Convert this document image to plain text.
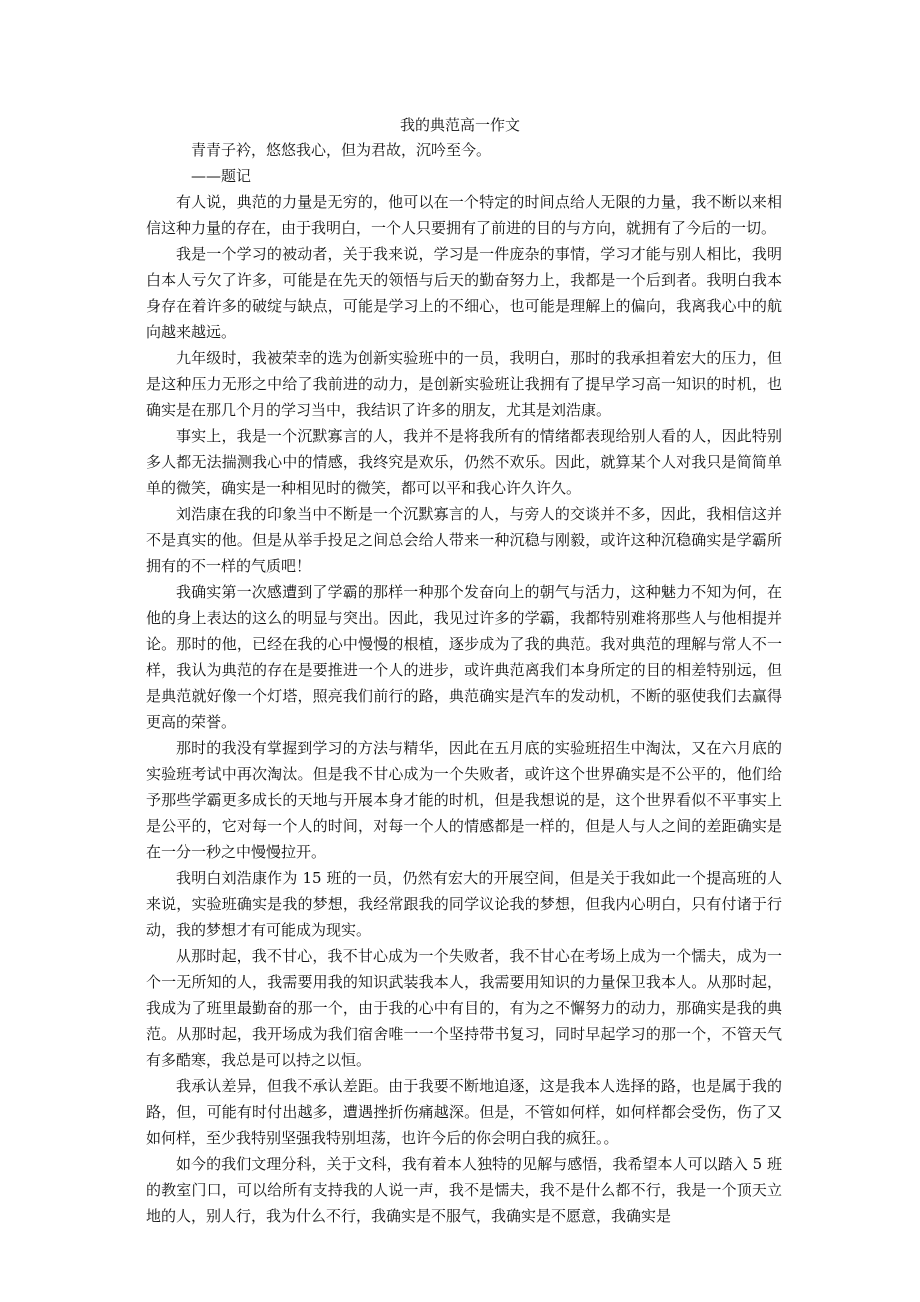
我的典范高一作文

青青子衿，悠悠我心，但为君故，沉吟至今。

——题记

有人说，典范的力量是无穷的，他可以在一个特定的时间点给人无限的力量，我不断以来相信这种力量的存在，由于我明白，一个人只要拥有了前进的目的与方向，就拥有了今后的一切。

我是一个学习的被动者，关于我来说，学习是一件庞杂的事情，学习才能与别人相比，我明白本人亏欠了许多，可能是在先天的领悟与后天的勤奋努力上，我都是一个后到者。我明白我本身存在着许多的破绽与缺点，可能是学习上的不细心，也可能是理解上的偏向，我离我心中的航向越来越远。

九年级时，我被荣幸的选为创新实验班中的一员，我明白，那时的我承担着宏大的压力，但是这种压力无形之中给了我前进的动力，是创新实验班让我拥有了提早学习高一知识的时机，也确实是在那几个月的学习当中，我结识了许多的朋友，尤其是刘浩康。

事实上，我是一个沉默寡言的人，我并不是将我所有的情绪都表现给别人看的人，因此特别多人都无法揣测我心中的情感，我终究是欢乐，仍然不欢乐。因此，就算某个人对我只是简简单单的微笑，确实是一种相见时的微笑，都可以平和我心许久许久。

刘浩康在我的印象当中不断是一个沉默寡言的人，与旁人的交谈并不多，因此，我相信这并不是真实的他。但是从举手投足之间总会给人带来一种沉稳与刚毅，或许这种沉稳确实是学霸所拥有的不一样的气质吧！

我确实第一次感遭到了学霸的那样一种那个发奋向上的朝气与活力，这种魅力不知为何，在他的身上表达的这么的明显与突出。因此，我见过许多的学霸，我都特别难将那些人与他相提并论。那时的他，已经在我的心中慢慢的根植，逐步成为了我的典范。我对典范的理解与常人不一样，我认为典范的存在是要推进一个人的进步，或许典范离我们本身所定的目的相差特别远，但是典范就好像一个灯塔，照亮我们前行的路，典范确实是汽车的发动机，不断的驱使我们去赢得更高的荣誉。

那时的我没有掌握到学习的方法与精华，因此在五月底的实验班招生中淘汰，又在六月底的实验班考试中再次淘汰。但是我不甘心成为一个失败者，或许这个世界确实是不公平的，他们给予那些学霸更多成长的天地与开展本身才能的时机，但是我想说的是，这个世界看似不平事实上是公平的，它对每一个人的时间，对每一个人的情感都是一样的，但是人与人之间的差距确实是在一分一秒之中慢慢拉开。

我明白刘浩康作为 15 班的一员，仍然有宏大的开展空间，但是关于我如此一个提高班的人来说，实验班确实是我的梦想，我经常跟我的同学议论我的梦想，但我内心明白，只有付诸于行动，我的梦想才有可能成为现实。

从那时起，我不甘心，我不甘心成为一个失败者，我不甘心在考场上成为一个懦夫，成为一个一无所知的人，我需要用我的知识武装我本人，我需要用知识的力量保卫我本人。从那时起，我成为了班里最勤奋的那一个，由于我的心中有目的，有为之不懈努力的动力，那确实是我的典范。从那时起，我开场成为我们宿舍唯一一个坚持带书复习，同时早起学习的那一个，不管天气有多酷寒，我总是可以持之以恒。

我承认差异，但我不承认差距。由于我要不断地追逐，这是我本人选择的路，也是属于我的路，但，可能有时付出越多，遭遇挫折伤痛越深。但是，不管如何样，如何样都会受伤，伤了又如何样，至少我特别坚强我特别坦荡，也许今后的你会明白我的疯狂。。

如今的我们文理分科，关于文科，我有着本人独特的见解与感悟，我希望本人可以踏入 5 班的教室门口，可以给所有支持我的人说一声，我不是懦夫，我不是什么都不行，我是一个顶天立地的人，别人行，我为什么不行，我确实是不服气，我确实是不愿意，我确实是
